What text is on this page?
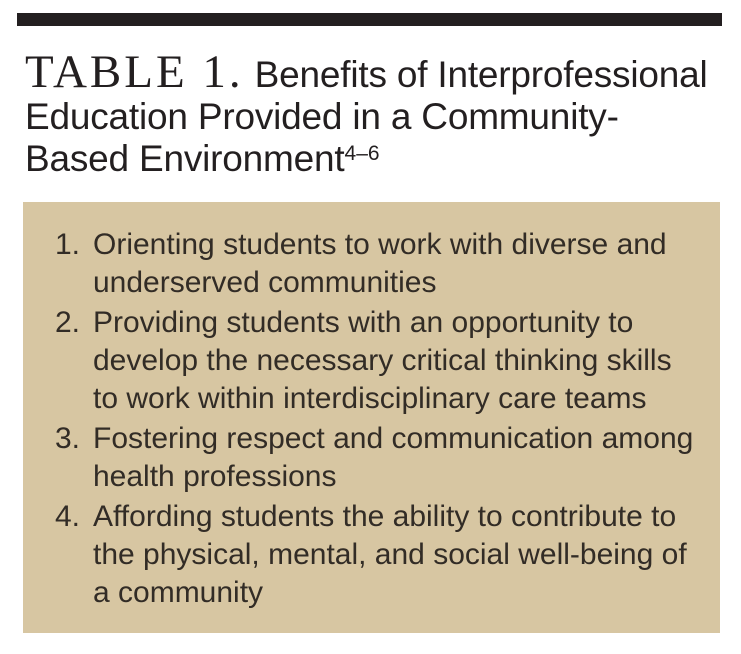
TABLE 1. Benefits of Interprofessional
Education Provided in a Community-
Based Environment$^{4-6}$
1. Orienting students to work with diverse and
underserved communities
2. Providing students with an opportunity to
develop the necessary critical thinking skills
to work within interdisciplinary care teams
3. Fostering respect and communication among
health professions
4. Affording students the ability to contribute to
the physical, mental, and social well-being of
a community
